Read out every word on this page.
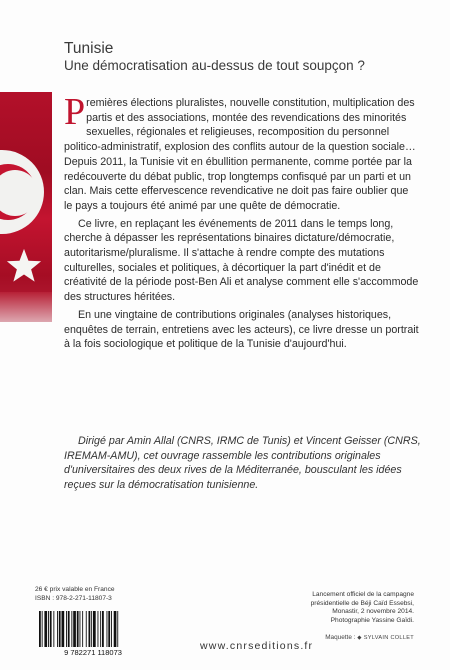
Tunisie
Une démocratisation au-dessus de tout soupçon ?

Premières élections pluralistes, nouvelle constitution, multiplication des partis et des associations, montée des revendications des minorités sexuelles, régionales et religieuses, recomposition du personnel politico-administratif, explosion des conflits autour de la question sociale… Depuis 2011, la Tunisie vit en ébullition permanente, comme portée par la redécouverte du débat public, trop longtemps confisqué par un parti et un clan. Mais cette effervescence revendicative ne doit pas faire oublier que le pays a toujours été animé par une quête de démocratie.

Ce livre, en replaçant les événements de 2011 dans le temps long, cherche à dépasser les représentations binaires dictature/démocratie, autoritarisme/pluralisme. Il s'attache à rendre compte des mutations culturelles, sociales et politiques, à décortiquer la part d'inédit et de créativité de la période post-Ben Ali et analyse comment elle s'accommode des structures héritées.

En une vingtaine de contributions originales (analyses historiques, enquêtes de terrain, entretiens avec les acteurs), ce livre dresse un portrait à la fois sociologique et politique de la Tunisie d'aujourd'hui.

Dirigé par Amin Allal (CNRS, IRMC de Tunis) et Vincent Geisser (CNRS, IREMAM-AMU), cet ouvrage rassemble les contributions originales d'universitaires des deux rives de la Méditerranée, bousculant les idées reçues sur la démocratisation tunisienne.

26 € prix valable en France
ISBN : 978-2-271-11807-3
9 782271 118073
www.cnrseditions.fr
Lancement officiel de la campagne
présidentielle de Béji Caïd Essebsi,
Monastir, 2 novembre 2014.
Photographie Yassine Gaïdi.
Maquette : ◆ SYLVAIN COLLET
